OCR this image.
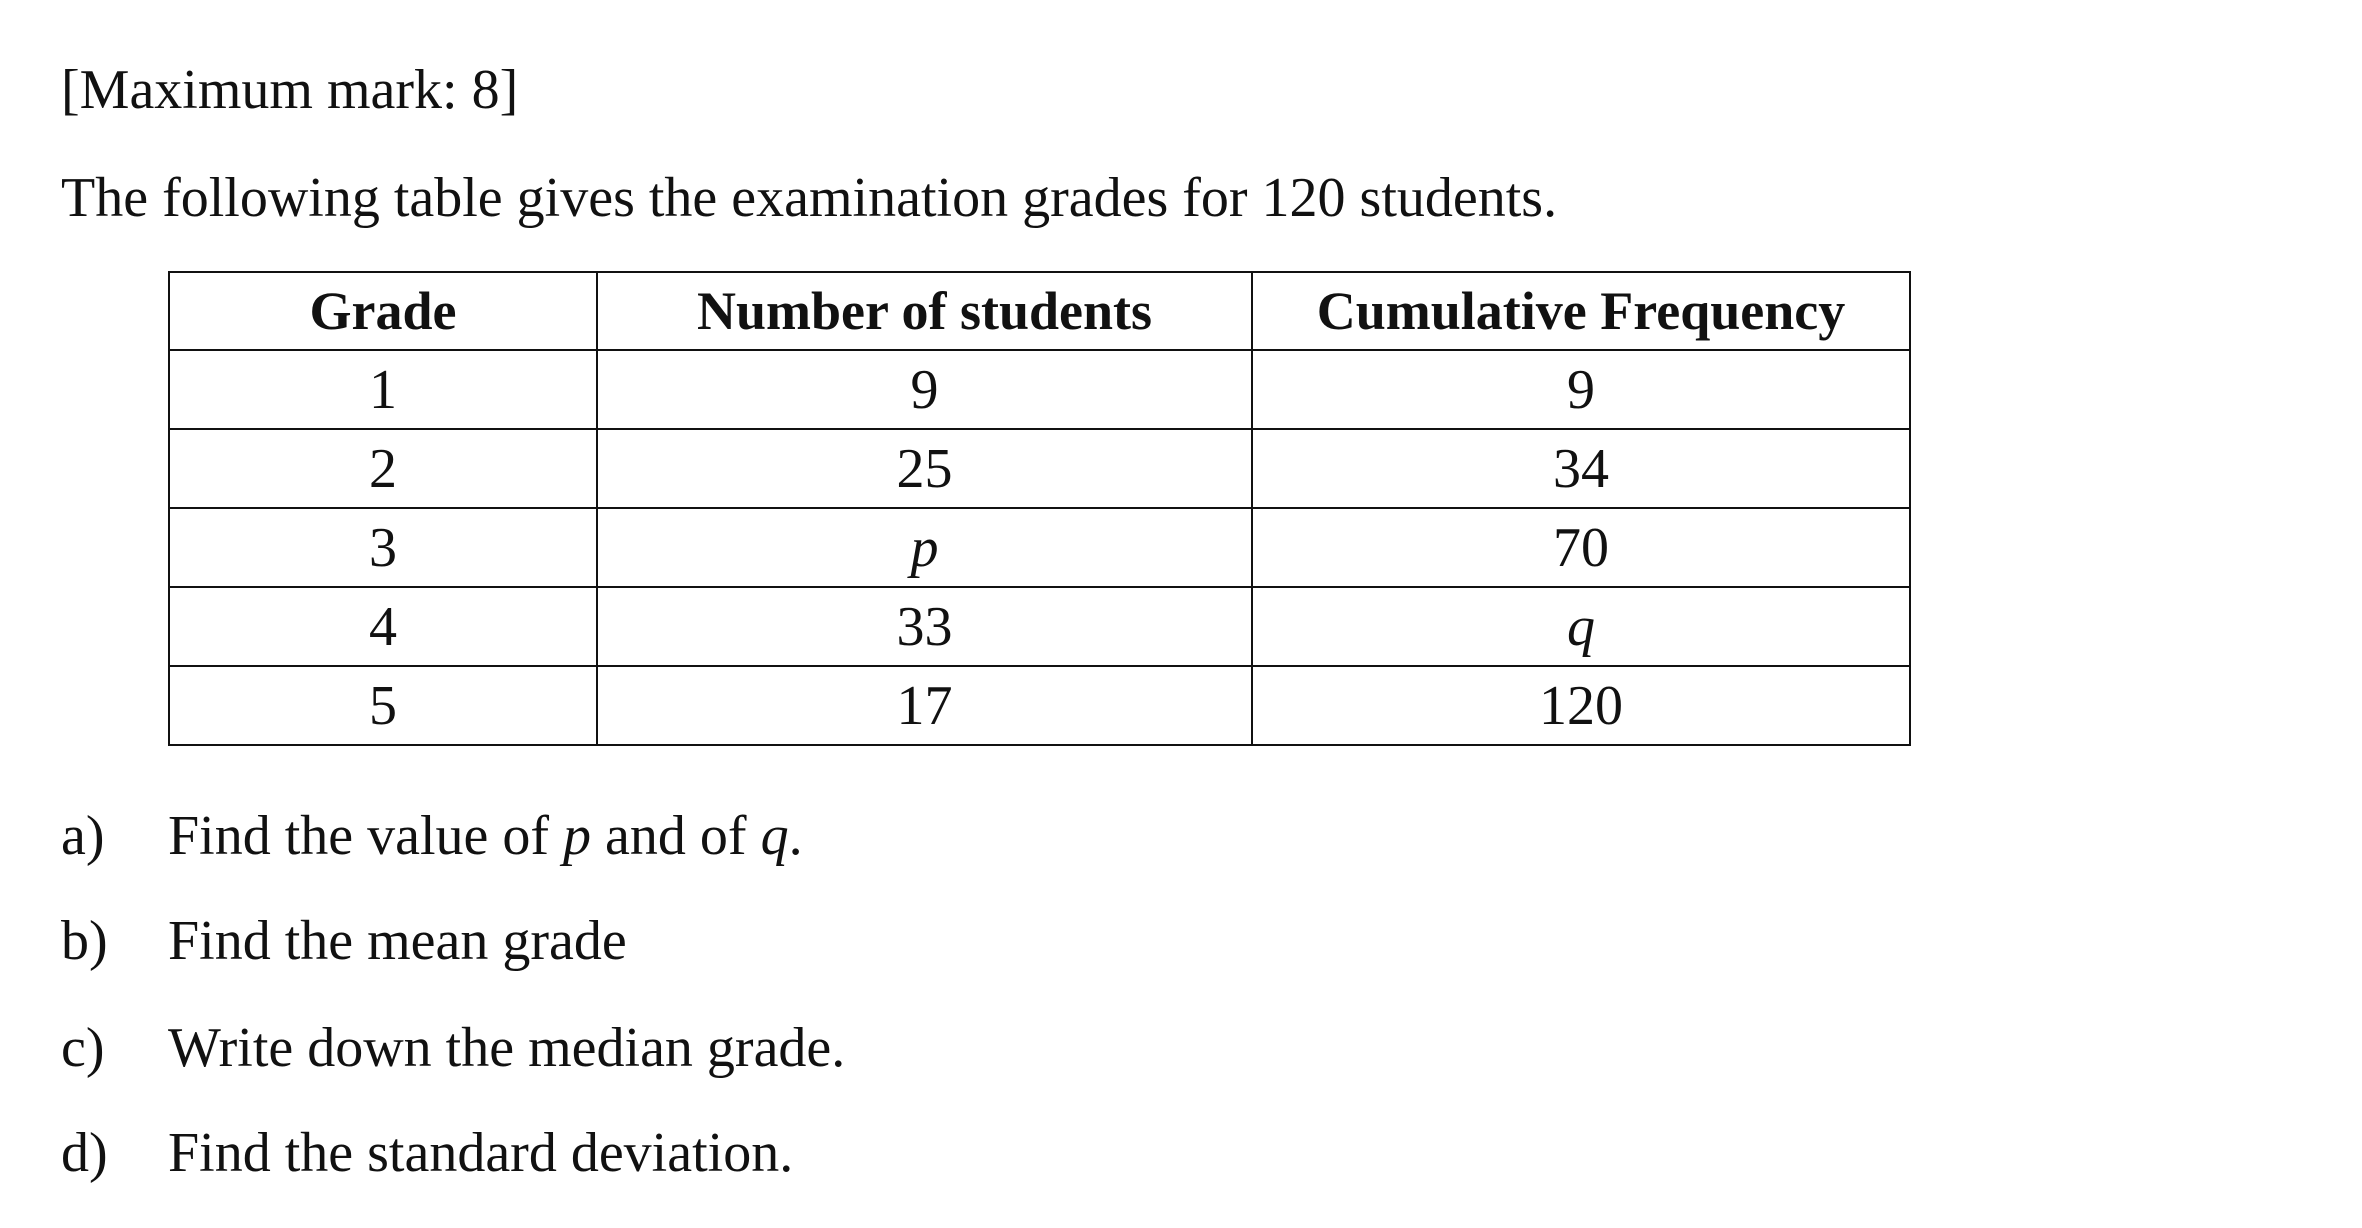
[Maximum mark: 8]
The following table gives the examination grades for 120 students.
Grade	Number of students	Cumulative Frequency
1	9	9
2	25	34
3	p	70
4	33	q
5	17	120
a) Find the value of p and of q.
b) Find the mean grade
c) Write down the median grade.
d) Find the standard deviation.
